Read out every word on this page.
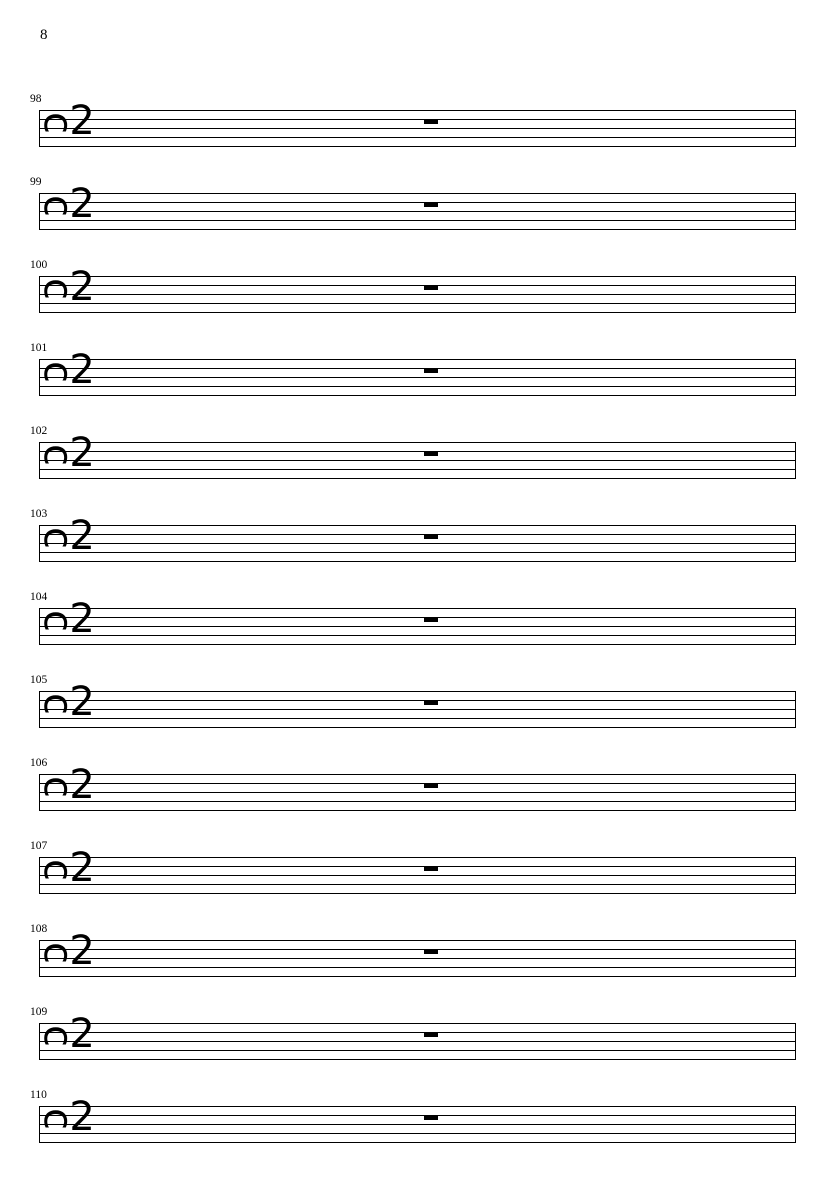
8
98 ᴒ2
99 ᴒ2
100
ᴒ2
101
ᴒ2
102
ᴒ2
103
ᴒ2
104
ᴒ2
105
ᴒ2
106
ᴒ2
107
ᴒ2
108
ᴒ2
109
ᴒ2
110
ᴒ2
